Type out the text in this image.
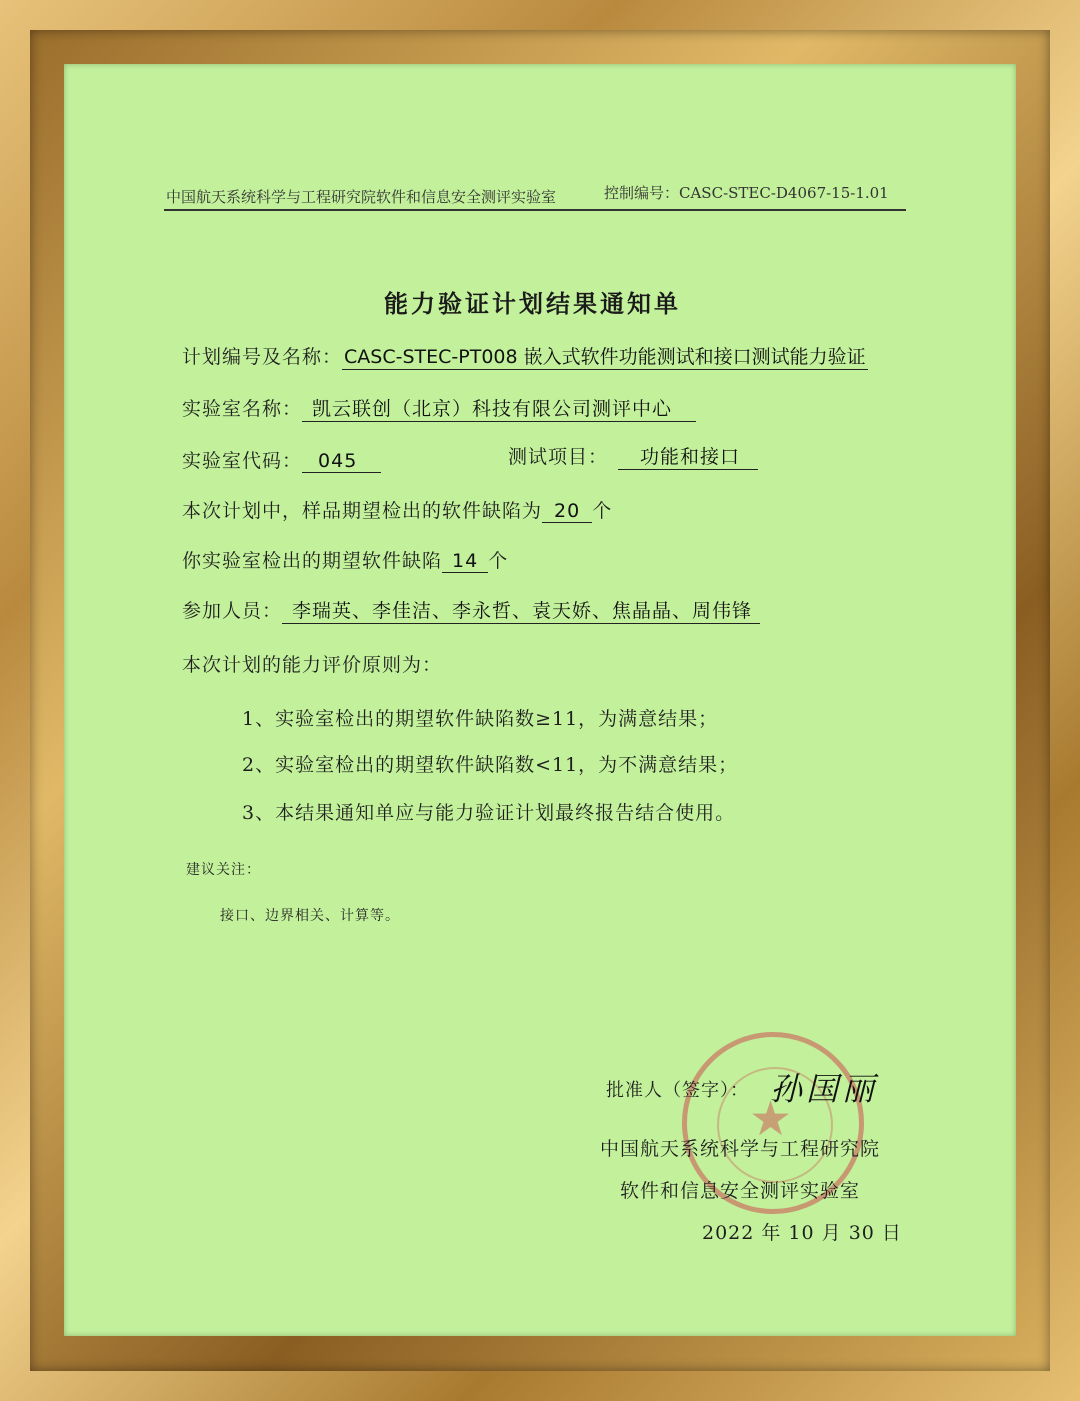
中国航天系统科学与工程研究院软件和信息安全测评实验室	控制编号：CASC-STEC-D4067-15-1.01
能力验证计划结果通知单
计划编号及名称： CASC-STEC-PT008 嵌入式软件功能测试和接口测试能力验证
实验室名称： 凯云联创（北京）科技有限公司测评中心
实验室代码： 045	测试项目： 功能和接口
本次计划中，样品期望检出的软件缺陷为 20 个
你实验室检出的期望软件缺陷 14 个
参加人员： 李瑞英、李佳洁、李永哲、袁天娇、焦晶晶、周伟锋
本次计划的能力评价原则为：
1、实验室检出的期望软件缺陷数≥11，为满意结果；
2、实验室检出的期望软件缺陷数<11，为不满意结果；
3、本结果通知单应与能力验证计划最终报告结合使用。
建议关注：
接口、边界相关、计算等。
★
批准人（签字）： 孙国丽
中国航天系统科学与工程研究院
软件和信息安全测评实验室
2022 年 10 月 30 日
